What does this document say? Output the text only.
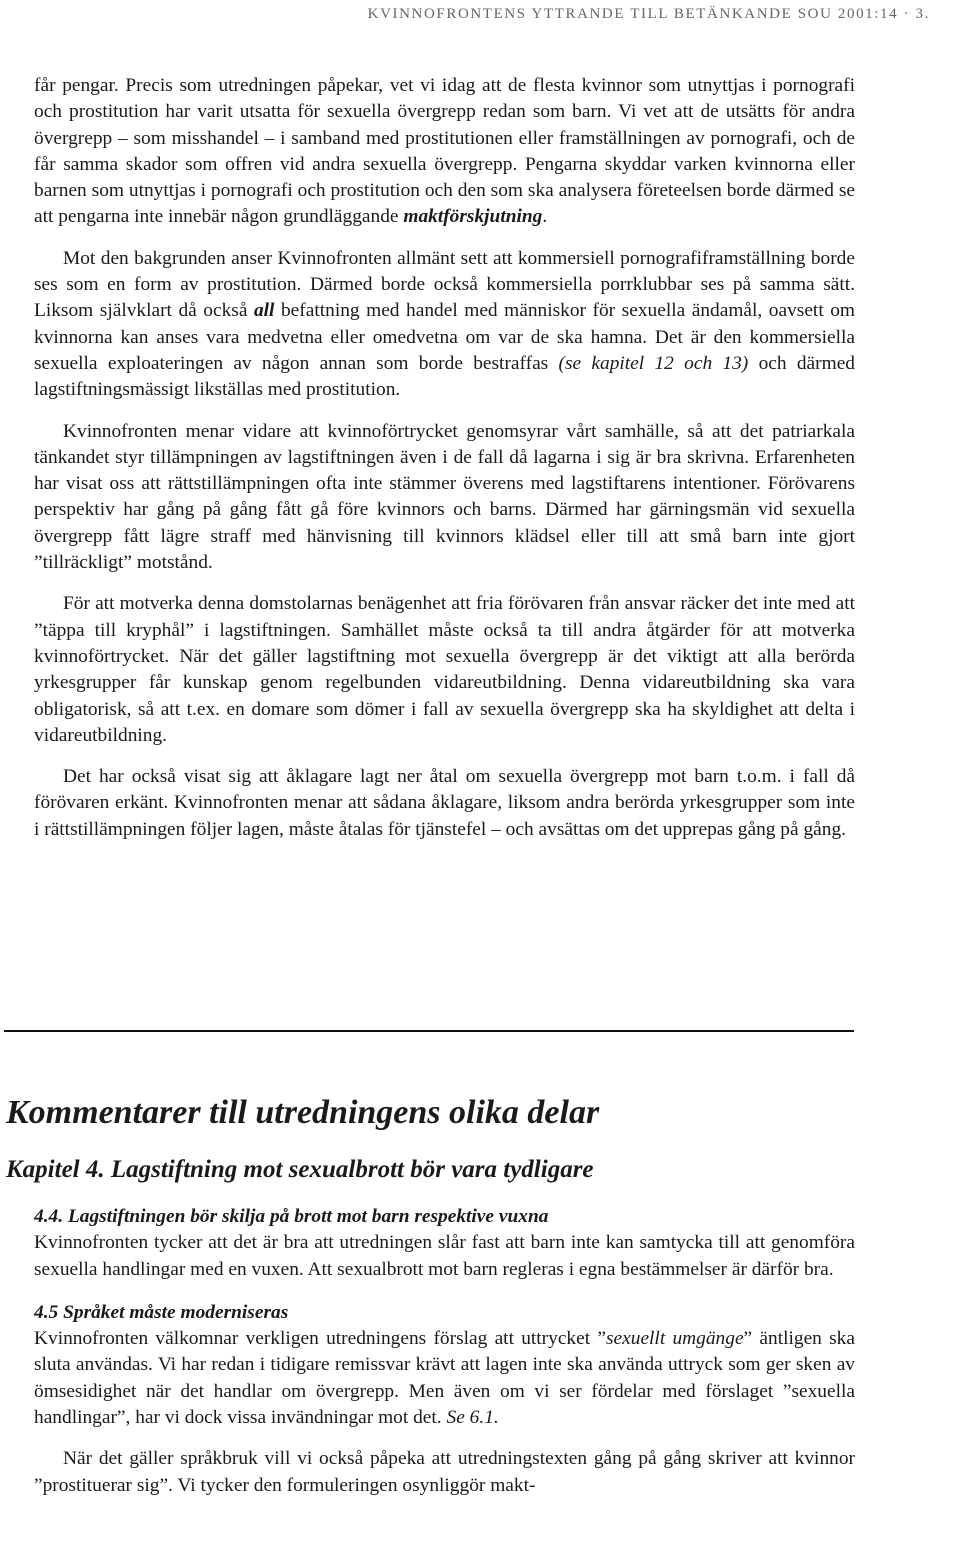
KVINNOFRONTENS YTTRANDE TILL BETÄNKANDE SOU 2001:14 · 3.

får pengar. Precis som utredningen påpekar, vet vi idag att de flesta kvinnor som utnyttjas i pornografi och prostitution har varit utsatta för sexuella övergrepp redan som barn. Vi vet att de utsätts för andra övergrepp – som misshandel – i samband med prostitutionen eller framställningen av pornografi, och de får samma skador som offren vid andra sexuella övergrepp. Pengarna skyddar varken kvinnorna eller barnen som utnyttjas i pornografi och prostitution och den som ska analysera företeelsen borde därmed se att pengarna inte innebär någon grundläggande maktförskjutning.

Mot den bakgrunden anser Kvinnofronten allmänt sett att kommersiell pornografiframställning borde ses som en form av prostitution. Därmed borde också kommersiella porrklubbar ses på samma sätt. Liksom självklart då också all befattning med handel med människor för sexuella ändamål, oavsett om kvinnorna kan anses vara medvetna eller omedvetna om var de ska hamna. Det är den kommersiella sexuella exploateringen av någon annan som borde bestraffas (se kapitel 12 och 13) och därmed lagstiftningsmässigt likställas med prostitution.

Kvinnofronten menar vidare att kvinnoförtrycket genomsyrar vårt samhälle, så att det patriarkala tänkandet styr tillämpningen av lagstiftningen även i de fall då lagarna i sig är bra skrivna. Erfarenheten har visat oss att rättstillämpningen ofta inte stämmer överens med lagstiftarens intentioner. Förövarens perspektiv har gång på gång fått gå före kvinnors och barns. Därmed har gärningsmän vid sexuella övergrepp fått lägre straff med hänvisning till kvinnors klädsel eller till att små barn inte gjort ”tillräckligt” motstånd.

För att motverka denna domstolarnas benägenhet att fria förövaren från ansvar räcker det inte med att ”täppa till kryphål” i lagstiftningen. Samhället måste också ta till andra åtgärder för att motverka kvinnoförtrycket. När det gäller lagstiftning mot sexuella övergrepp är det viktigt att alla berörda yrkesgrupper får kunskap genom regelbunden vidareutbildning. Denna vidareutbildning ska vara obligatorisk, så att t.ex. en domare som dömer i fall av sexuella övergrepp ska ha skyldighet att delta i vidareutbildning.

Det har också visat sig att åklagare lagt ner åtal om sexuella övergrepp mot barn t.o.m. i fall då förövaren erkänt. Kvinnofronten menar att sådana åklagare, liksom andra berörda yrkesgrupper som inte i rättstillämpningen följer lagen, måste åtalas för tjänstefel – och avsättas om det upprepas gång på gång.

Kommentarer till utredningens olika delar
Kapitel 4. Lagstiftning mot sexualbrott bör vara tydligare
4.4. Lagstiftningen bör skilja på brott mot barn respektive vuxna

Kvinnofronten tycker att det är bra att utredningen slår fast att barn inte kan samtycka till att genomföra sexuella handlingar med en vuxen. Att sexualbrott mot barn regleras i egna bestämmelser är därför bra.

4.5 Språket måste moderniseras

Kvinnofronten välkomnar verkligen utredningens förslag att uttrycket ”sexuellt umgänge” äntligen ska sluta användas. Vi har redan i tidigare remissvar krävt att lagen inte ska använda uttryck som ger sken av ömsesidighet när det handlar om övergrepp. Men även om vi ser fördelar med förslaget ”sexuella handlingar”, har vi dock vissa invändningar mot det. Se 6.1.

När det gäller språkbruk vill vi också påpeka att utredningstexten gång på gång skriver att kvinnor ”prostituerar sig”. Vi tycker den formuleringen osynliggör makt-
